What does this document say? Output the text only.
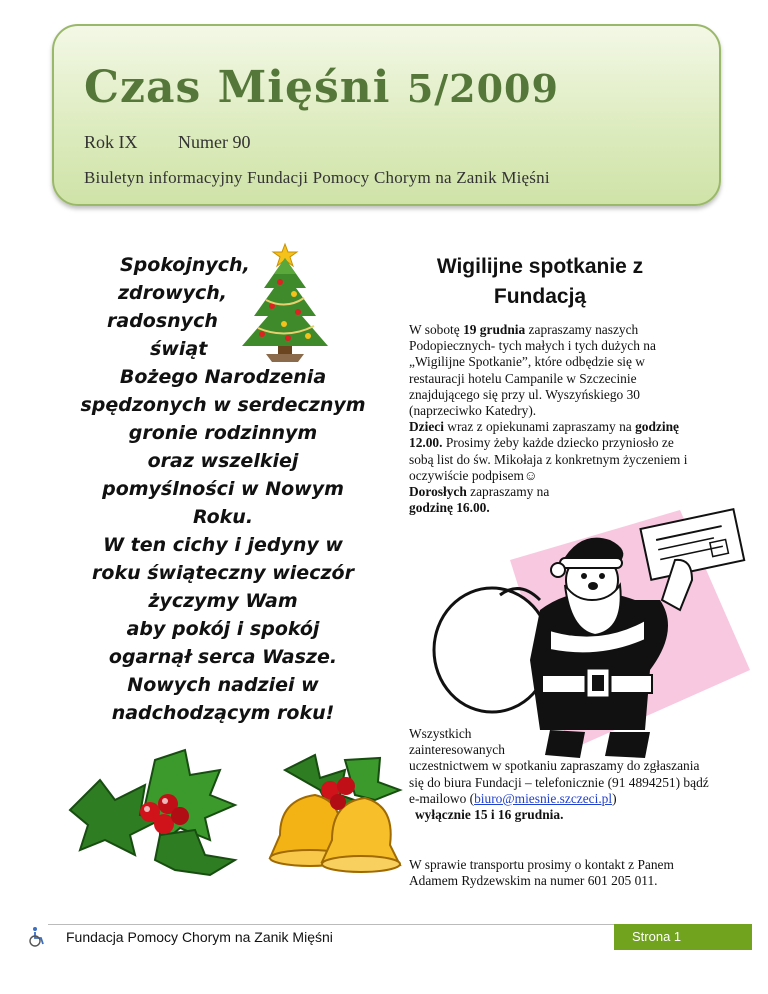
Czas Mięśni 5/2009
Rok IX Numer 90
Biuletyn informacyjny Fundacji Pomocy Chorym na Zanik Mięśni
Spokojnych,
zdrowych,
radosnych
świąt
Bożego Narodzenia
spędzonych w serdecznym
gronie rodzinnym
oraz wszelkiej
pomyślności w Nowym
Roku.
W ten cichy i jedyny w
roku świąteczny wieczór
życzymy Wam
aby pokój i spokój
ogarnął serca Wasze.
Nowych nadziei w
nadchodzącym roku!
Wigilijne spotkanie z
Fundacją
W sobotę 19 grudnia zapraszamy naszych Podopiecznych- tych małych i tych dużych na „Wigilijne Spotkanie”, które odbędzie się w restauracji hotelu Campanile w Szczecinie znajdującego się przy ul. Wyszyńskiego 30 (naprzeciwko Katedry).
Dzieci wraz z opiekunami zapraszamy na godzinę 12.00. Prosimy żeby każde dziecko przyniosło ze sobą list do św. Mikołaja z konkretnym życzeniem i oczywiście podpisem☺
Dorosłych zapraszamy na
godzinę 16.00.
Wszystkich
zainteresowanych
uczestnictwem w spotkaniu zapraszamy do zgłaszania się do biura Fundacji – telefonicznie (91 4894251) bądź e-mailowo (biuro@miesnie.szczeci.pl)
wyłącznie 15 i 16 grudnia.
W sprawie transportu prosimy o kontakt z Panem Adamem Rydzewskim na numer 601 205 011.
Fundacja Pomocy Chorym na Zanik Mięśni	Strona 1
